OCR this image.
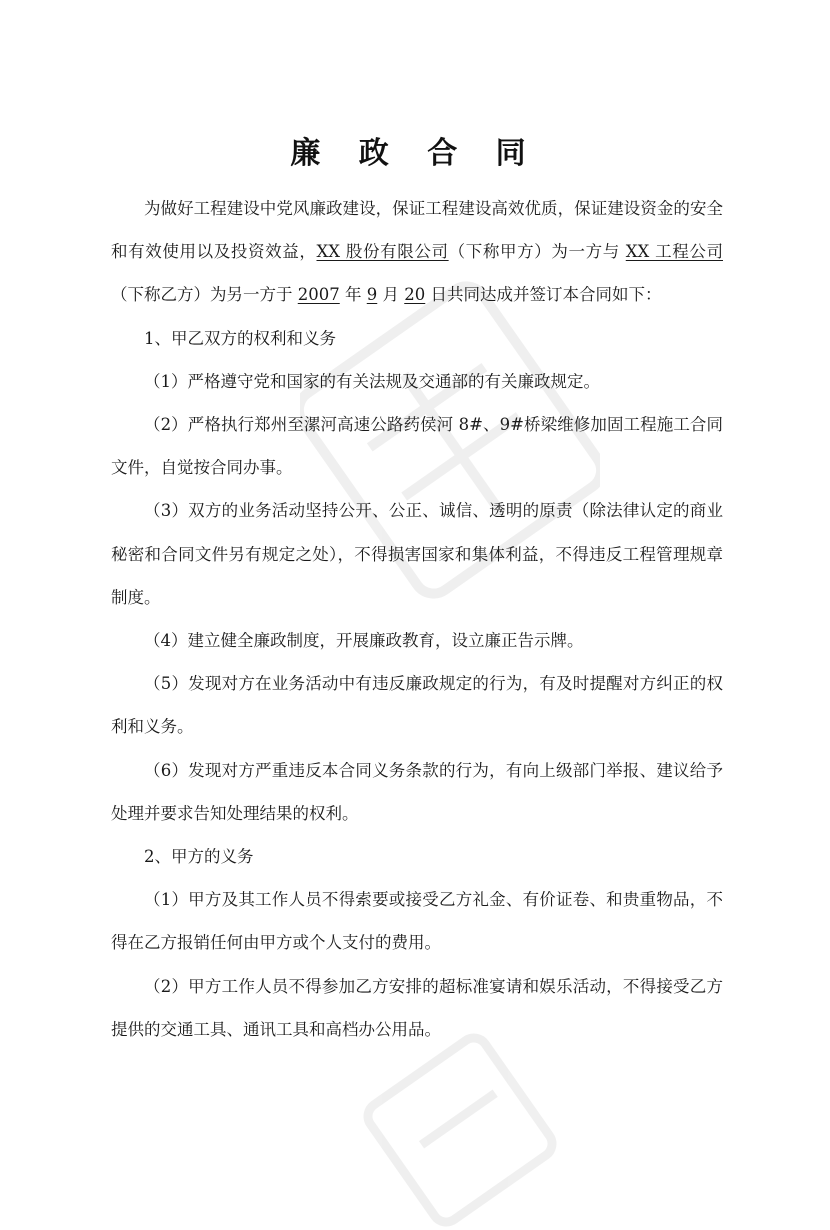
廉 政 合 同

为做好工程建设中党风廉政建设，保证工程建设高效优质，保证建设资金的安全和有效使用以及投资效益，XX 股份有限公司（下称甲方）为一方与 XX 工程公司（下称乙方）为另一方于 2007 年 9 月 20 日共同达成并签订本合同如下：

1、甲乙双方的权利和义务

（1）严格遵守党和国家的有关法规及交通部的有关廉政规定。

（2）严格执行郑州至漯河高速公路药侯河 8#、9#桥梁维修加固工程施工合同文件，自觉按合同办事。

（3）双方的业务活动坚持公开、公正、诚信、透明的原责（除法律认定的商业秘密和合同文件另有规定之处），不得损害国家和集体利益，不得违反工程管理规章制度。

（4）建立健全廉政制度，开展廉政教育，设立廉正告示牌。

（5）发现对方在业务活动中有违反廉政规定的行为，有及时提醒对方纠正的权利和义务。

（6）发现对方严重违反本合同义务条款的行为，有向上级部门举报、建议给予处理并要求告知处理结果的权利。

2、甲方的义务

（1）甲方及其工作人员不得索要或接受乙方礼金、有价证卷、和贵重物品，不得在乙方报销任何由甲方或个人支付的费用。

（2）甲方工作人员不得参加乙方安排的超标准宴请和娱乐活动，不得接受乙方提供的交通工具、通讯工具和高档办公用品。
